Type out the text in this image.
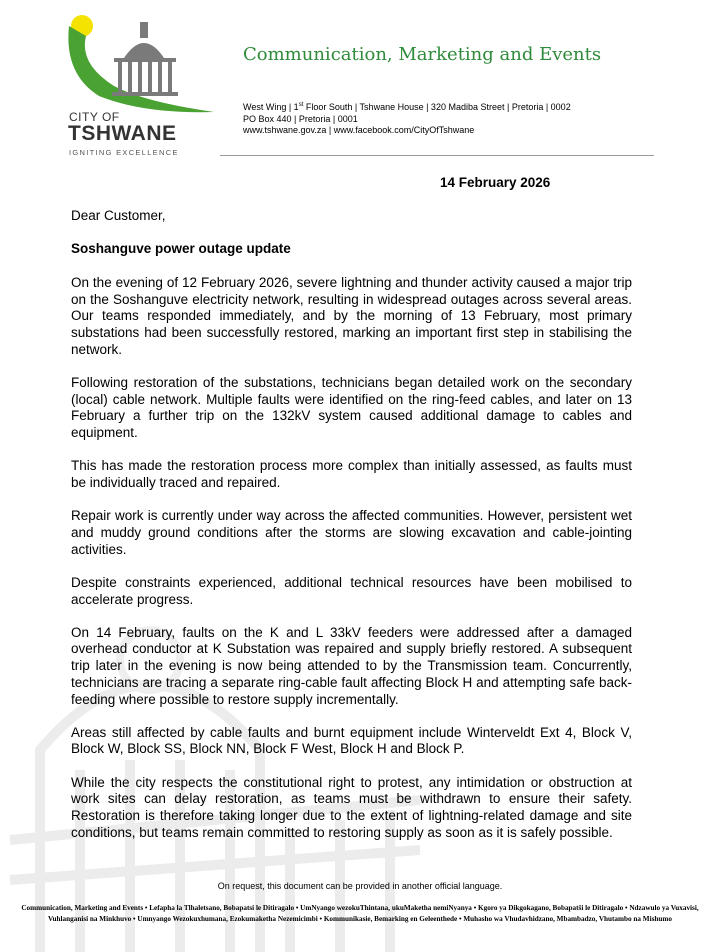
CITY OF
TSHWANE
IGNITING EXCELLENCE
Communication, Marketing and Events
West Wing | 1st Floor South | Tshwane House | 320 Madiba Street | Pretoria | 0002
PO Box 440 | Pretoria | 0001
www.tshwane.gov.za | www.facebook.com/CityOfTshwane
14 February 2026
Dear Customer,
Soshanguve power outage update

On the evening of 12 February 2026, severe lightning and thunder activity caused a major trip on the Soshanguve electricity network, resulting in widespread outages across several areas. Our teams responded immediately, and by the morning of 13 February, most primary substations had been successfully restored, marking an important first step in stabilising the network.

Following restoration of the substations, technicians began detailed work on the secondary (local) cable network. Multiple faults were identified on the ring-feed cables, and later on 13 February a further trip on the 132kV system caused additional damage to cables and equipment.

This has made the restoration process more complex than initially assessed, as faults must be individually traced and repaired.

Repair work is currently under way across the affected communities. However, persistent wet and muddy ground conditions after the storms are slowing excavation and cable-jointing activities.

Despite constraints experienced, additional technical resources have been mobilised to accelerate progress.

On 14 February, faults on the K and L 33kV feeders were addressed after a damaged overhead conductor at K Substation was repaired and supply briefly restored. A subsequent trip later in the evening is now being attended to by the Transmission team. Concurrently, technicians are tracing a separate ring-cable fault affecting Block H and attempting safe back-feeding where possible to restore supply incrementally.

Areas still affected by cable faults and burnt equipment include Winterveldt Ext 4, Block V, Block W, Block SS, Block NN, Block F West, Block H and Block P.

While the city respects the constitutional right to protest, any intimidation or obstruction at work sites can delay restoration, as teams must be withdrawn to ensure their safety. Restoration is therefore taking longer due to the extent of lightning-related damage and site conditions, but teams remain committed to restoring supply as soon as it is safely possible.

On request, this document can be provided in another official language.
Communication, Marketing and Events • Lefapha la Tlhaletsano, Bobapatsi le Ditiragalo • UmNyango wezokuThintana, ukuMaketha nemiNyanya • Kgoro ya Dikgokagano, Bobapatši le Ditiragalo • Ndzawulo ya Vuxavisi, Vuhlanganisi na Minkhuvo • Umnyango Wezokuxhumana, Ezokumaketha Nezemicimbi • Kommunikasie, Bemarking en Geleenthede • Muhasho wa Vhudavhidzano, Mbambadzo, Vhutambo na Mishumo
